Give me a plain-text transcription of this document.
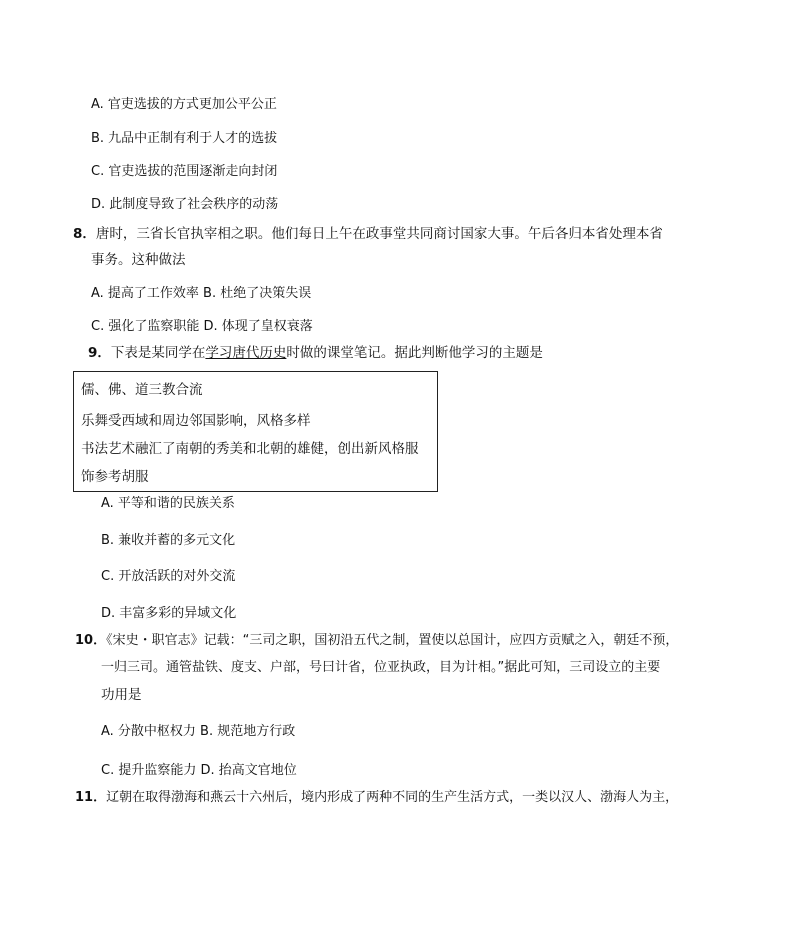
A. 官吏选拔的方式更加公平公正
B. 九品中正制有利于人才的选拔
C. 官吏选拔的范围逐渐走向封闭
D. 此制度导致了社会秩序的动荡
8．唐时，三省长官执宰相之职。他们每日上午在政事堂共同商讨国家大事。午后各归本省处理本省
事务。这种做法
A. 提高了工作效率 B. 杜绝了决策失误
C. 强化了监察职能 D. 体现了皇权衰落
9．下表是某同学在学习唐代历史时做的课堂笔记。据此判断他学习的主题是
儒、佛、道三教合流
乐舞受西域和周边邻国影响，风格多样
书法艺术融汇了南朝的秀美和北朝的雄健，创出新风格服
饰参考胡服
A. 平等和谐的民族关系
B. 兼收并蓄的多元文化
C. 开放活跃的对外交流
D. 丰富多彩的异域文化
10．《宋史・职官志》记载：“三司之职，国初沿五代之制，置使以总国计，应四方贡赋之入，朝廷不预，
一归三司。通管盐铁、度支、户部，号曰计省，位亚执政，目为计相。”据此可知，三司设立的主要
功用是
A. 分散中枢权力 B. 规范地方行政
C. 提升监察能力 D. 抬高文官地位
11．辽朝在取得渤海和燕云十六州后，境内形成了两种不同的生产生活方式，一类以汉人、渤海人为主，
